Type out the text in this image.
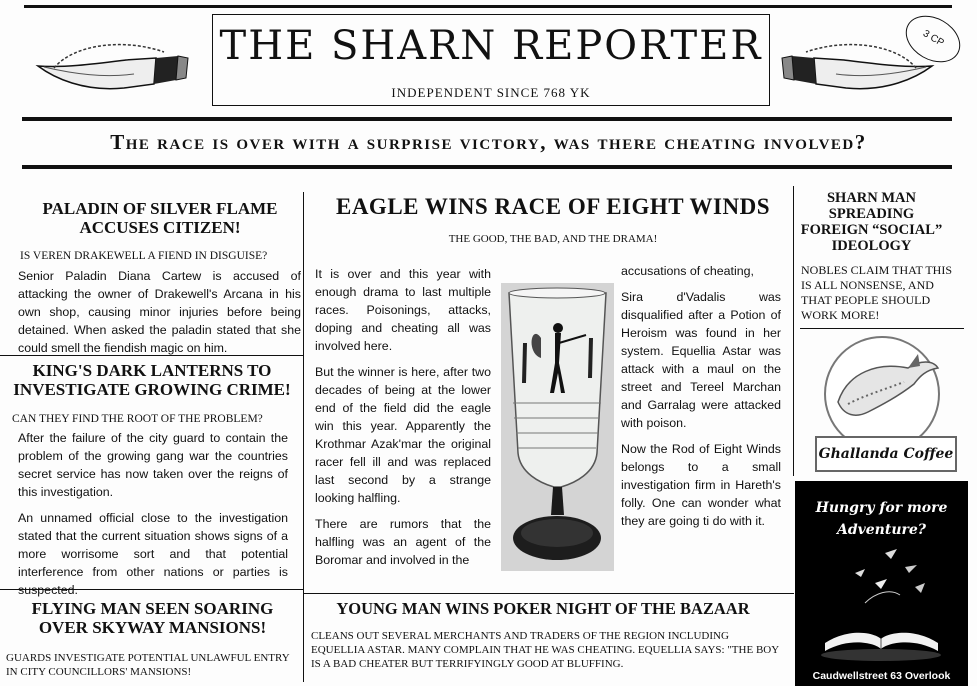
THE SHARN REPORTER
INDEPENDENT SINCE 768 YK
3 CP
The race is over with a surprise victory, was there cheating involved?
PALADIN OF SILVER FLAME ACCUSES CITIZEN!
IS VEREN DRAKEWELL A FIEND IN DISGUISE?
Senior Paladin Diana Cartew is accused of attacking the owner of Drakewell's Arcana in his own shop, causing minor injuries before being detained. When asked the paladin stated that she could smell the fiendish magic on him.
KING'S DARK LANTERNS TO INVESTIGATE GROWING CRIME!
CAN THEY FIND THE ROOT OF THE PROBLEM?

After the failure of the city guard to contain the problem of the growing gang war the countries secret service has now taken over the reigns of this investigation.

An unnamed official close to the investigation stated that the current situation shows signs of a more worrisome sort and that potential interference from other nations or parties is suspected.

FLYING MAN SEEN SOARING OVER SKYWAY MANSIONS!
GUARDS INVESTIGATE POTENTIAL UNLAWFUL ENTRY IN CITY COUNCILLORS' MANSIONS!
EAGLE WINS RACE OF EIGHT WINDS
THE GOOD, THE BAD, AND THE DRAMA!

It is over and this year with enough drama to last multiple races. Poisonings, attacks, doping and cheating all was involved here.

But the winner is here, after two decades of being at the lower end of the field did the eagle win this year. Apparently the Krothmar Azak'mar the original racer fell ill and was replaced last second by a strange looking halfling.

There are rumors that the halfling was an agent of the Boromar and involved in the

accusations of cheating,

Sira d'Vadalis was disqualified after a Potion of Heroism was found in her system. Equellia Astar was attack with a maul on the street and Tereel Marchan and Garralag were attacked with poison.

Now the Rod of Eight Winds belongs to a small investigation firm in Hareth's folly. One can wonder what they are going ti do with it.

YOUNG MAN WINS POKER NIGHT OF THE BAZAAR
CLEANS OUT SEVERAL MERCHANTS AND TRADERS OF THE REGION INCLUDING EQUELLIA ASTAR. MANY COMPLAIN THAT HE WAS CHEATING. EQUELLIA SAYS: "THE BOY IS A BAD CHEATER BUT TERRIFYINGLY GOOD AT BLUFFING.
SHARN MAN SPREADING FOREIGN “SOCIAL” IDEOLOGY
NOBLES CLAIM THAT THIS IS ALL NONSENSE, AND THAT PEOPLE SHOULD WORK MORE!
Ghallanda Coffee
Hungry for more Adventure?
Caudwellstreet 63 Overlook
